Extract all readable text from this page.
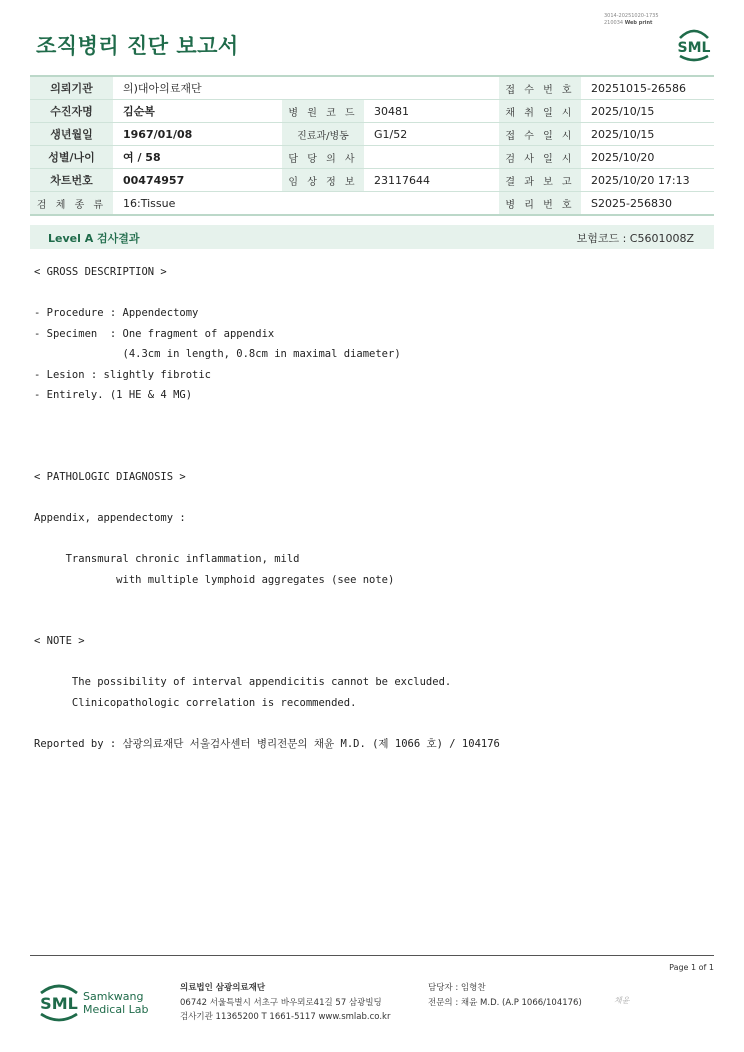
조직병리 진단 보고서
3014-20251020-1735
210034 Web print
SML
의뢰기관	의)대아의료재단			접 수 번 호	20251015-26586
수진자명	김순복	병 원 코 드	30481	채 취 일 시	2025/10/15
생년월일	1967/01/08	진료과/병동	G1/52	접 수 일 시	2025/10/15
성별/나이	여 / 58	담 당 의 사		검 사 일 시	2025/10/20
차트번호	00474957	임 상 정 보	23117644	결 과 보 고	2025/10/20 17:13
검 체 종 류	16:Tissue			병 리 번 호	S2025-256830
Level A 검사결과	보험코드 : C5601008Z
< GROSS DESCRIPTION >

- Procedure : Appendectomy
- Specimen  : One fragment of appendix
(4.3cm in length, 0.8cm in maximal diameter)
- Lesion : slightly fibrotic
- Entirely. (1 HE & 4 MG)

< PATHOLOGIC DIAGNOSIS >

Appendix, appendectomy :

Transmural chronic inflammation, mild
with multiple lymphoid aggregates (see note)

< NOTE >

The possibility of interval appendicitis cannot be excluded.
Clinicopathologic correlation is recommended.

Reported by : 삼광의료재단 서울검사센터 병리전문의 채윤 M.D. (제 1066 호) / 104176
Page 1 of 1
SML Samkwang
Medical Lab
의료법인 삼광의료재단
06742 서울특별시 서초구 바우뫼로41길 57 삼광빌딩
검사기관 11365200 T 1661-5117 www.smlab.co.kr
담당자 : 임형찬
전문의 : 채윤 M.D. (A.P 1066/104176)	채윤
